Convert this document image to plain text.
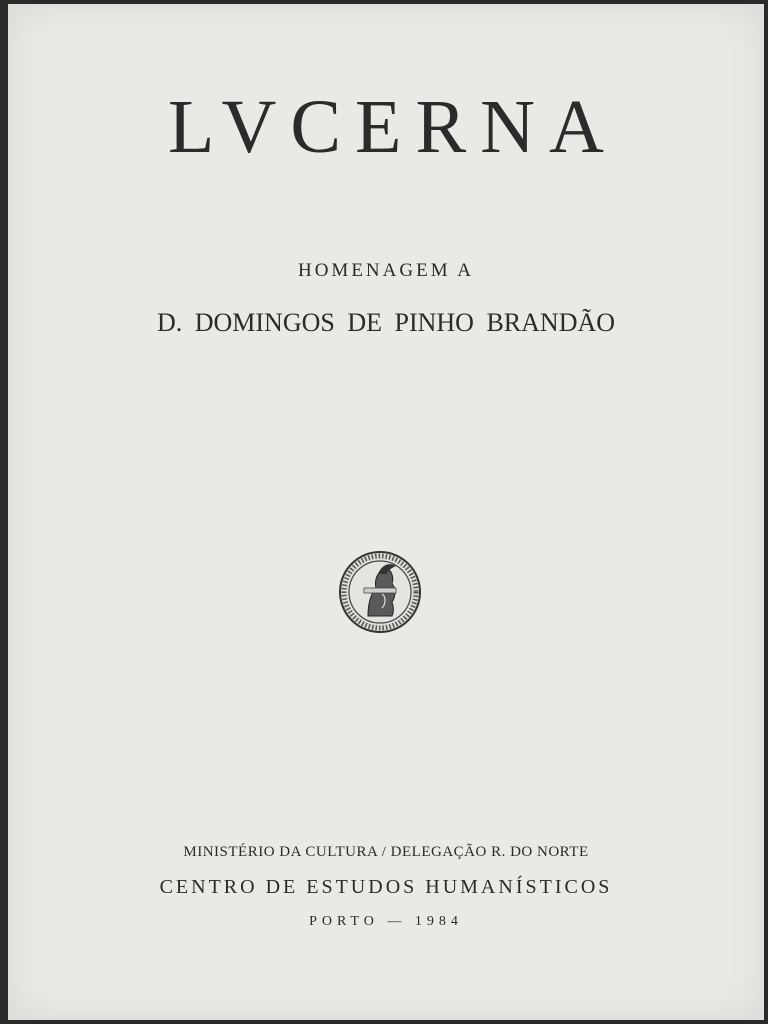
LVCERNA
HOMENAGEM A
D. DOMINGOS DE PINHO BRANDÃO
MINISTÉRIO DA CULTURA / DELEGAÇÃO R. DO NORTE
CENTRO DE ESTUDOS HUMANÍSTICOS
PORTO — 1984
